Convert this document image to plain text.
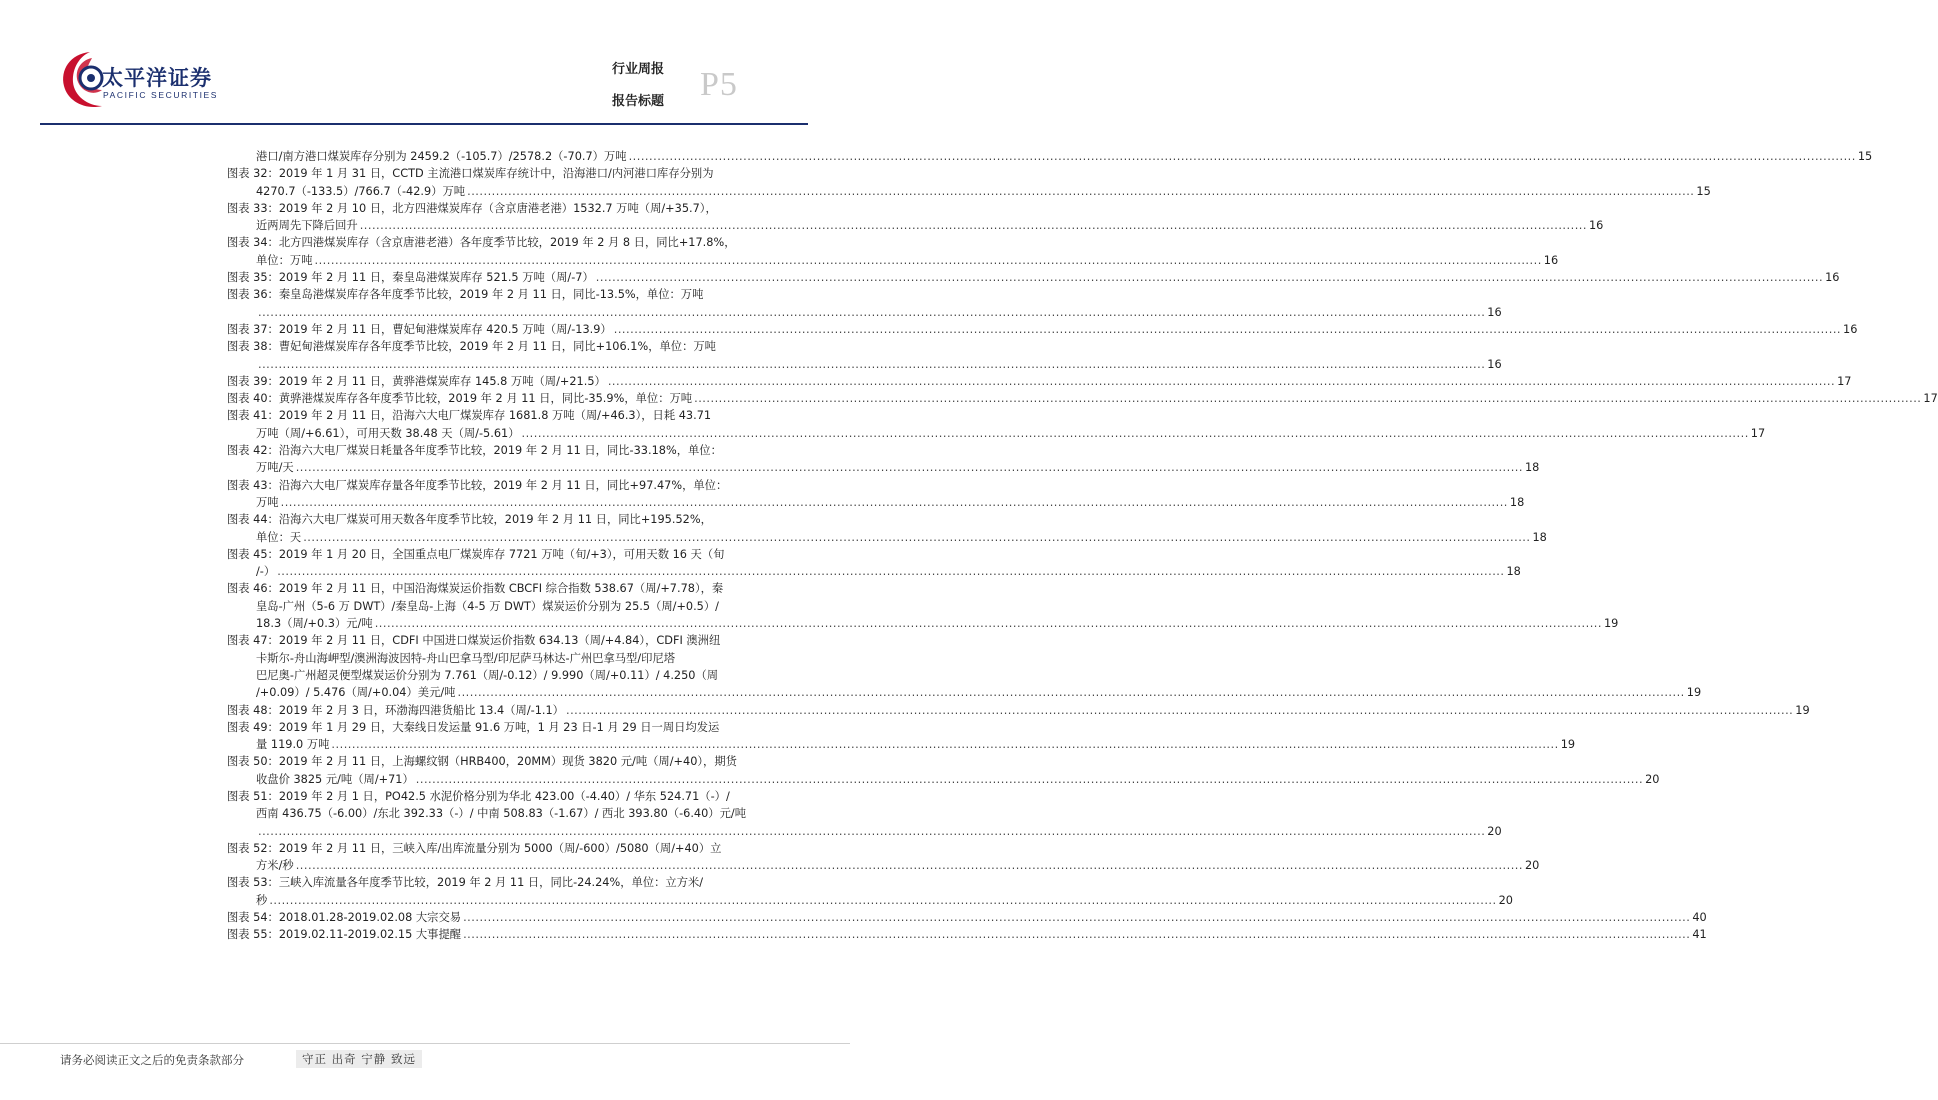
太平洋证券
PACIFIC SECURITIES
行业周报
报告标题 P5
港口/南方港口煤炭库存分别为 2459.2（-105.7）/2578.2（-70.7）万吨 ............................................................................................................................................................................................................................................................................................................ 15
图表 32：2019 年 1 月 31 日，CCTD 主流港口煤炭库存统计中，沿海港口/内河港口库存分别为
4270.7（-133.5）/766.7（-42.9）万吨 ............................................................................................................................................................................................................................................................................................................ 15
图表 33：2019 年 2 月 10 日，北方四港煤炭库存（含京唐港老港）1532.7 万吨（周/+35.7），
近两周先下降后回升 ............................................................................................................................................................................................................................................................................................................ 16
图表 34：北方四港煤炭库存（含京唐港老港）各年度季节比较，2019 年 2 月 8 日，同比+17.8%，
单位：万吨 ............................................................................................................................................................................................................................................................................................................ 16
图表 35：2019 年 2 月 11 日，秦皇岛港煤炭库存 521.5 万吨（周/-7） ............................................................................................................................................................................................................................................................................................................ 16
图表 36：秦皇岛港煤炭库存各年度季节比较，2019 年 2 月 11 日，同比-13.5%，单位：万吨
............................................................................................................................................................................................................................................................................................................ 16
图表 37：2019 年 2 月 11 日，曹妃甸港煤炭库存 420.5 万吨（周/-13.9） ............................................................................................................................................................................................................................................................................................................ 16
图表 38：曹妃甸港煤炭库存各年度季节比较，2019 年 2 月 11 日，同比+106.1%，单位：万吨
............................................................................................................................................................................................................................................................................................................ 16
图表 39：2019 年 2 月 11 日，黄骅港煤炭库存 145.8 万吨（周/+21.5） ............................................................................................................................................................................................................................................................................................................ 17
图表 40：黄骅港煤炭库存各年度季节比较，2019 年 2 月 11 日，同比-35.9%，单位：万吨 ............................................................................................................................................................................................................................................................................................................ 17
图表 41：2019 年 2 月 11 日，沿海六大电厂煤炭库存 1681.8 万吨（周/+46.3），日耗 43.71
万吨（周/+6.61），可用天数 38.48 天（周/-5.61） ............................................................................................................................................................................................................................................................................................................ 17
图表 42：沿海六大电厂煤炭日耗量各年度季节比较，2019 年 2 月 11 日，同比-33.18%，单位：
万吨/天 ............................................................................................................................................................................................................................................................................................................ 18
图表 43：沿海六大电厂煤炭库存量各年度季节比较，2019 年 2 月 11 日，同比+97.47%，单位：
万吨 ............................................................................................................................................................................................................................................................................................................ 18
图表 44：沿海六大电厂煤炭可用天数各年度季节比较，2019 年 2 月 11 日，同比+195.52%，
单位：天 ............................................................................................................................................................................................................................................................................................................ 18
图表 45：2019 年 1 月 20 日，全国重点电厂煤炭库存 7721 万吨（旬/+3），可用天数 16 天（旬
/-） ............................................................................................................................................................................................................................................................................................................ 18
图表 46：2019 年 2 月 11 日，中国沿海煤炭运价指数 CBCFI 综合指数 538.67（周/+7.78），秦
皇岛-广州（5-6 万 DWT）/秦皇岛-上海（4-5 万 DWT）煤炭运价分别为 25.5（周/+0.5）/
18.3（周/+0.3）元/吨 ............................................................................................................................................................................................................................................................................................................ 19
图表 47：2019 年 2 月 11 日，CDFI 中国进口煤炭运价指数 634.13（周/+4.84），CDFI 澳洲纽
卡斯尔-舟山海岬型/澳洲海波因特-舟山巴拿马型/印尼萨马林达-广州巴拿马型/印尼塔
巴尼奥-广州超灵便型煤炭运价分别为 7.761（周/-0.12）/ 9.990（周/+0.11）/ 4.250（周
/+0.09）/ 5.476（周/+0.04）美元/吨 ............................................................................................................................................................................................................................................................................................................ 19
图表 48：2019 年 2 月 3 日，环渤海四港货船比 13.4（周/-1.1） ............................................................................................................................................................................................................................................................................................................ 19
图表 49：2019 年 1 月 29 日，大秦线日发运量 91.6 万吨，1 月 23 日-1 月 29 日一周日均发运
量 119.0 万吨 ............................................................................................................................................................................................................................................................................................................ 19
图表 50：2019 年 2 月 11 日，上海螺纹钢（HRB400，20MM）现货 3820 元/吨（周/+40），期货
收盘价 3825 元/吨（周/+71） ............................................................................................................................................................................................................................................................................................................ 20
图表 51：2019 年 2 月 1 日，PO42.5 水泥价格分别为华北 423.00（-4.40）/ 华东 524.71（-）/
西南 436.75（-6.00）/东北 392.33（-）/ 中南 508.83（-1.67）/ 西北 393.80（-6.40）元/吨
............................................................................................................................................................................................................................................................................................................ 20
图表 52：2019 年 2 月 11 日，三峡入库/出库流量分别为 5000（周/-600）/5080（周/+40）立
方米/秒 ............................................................................................................................................................................................................................................................................................................ 20
图表 53：三峡入库流量各年度季节比较，2019 年 2 月 11 日，同比-24.24%，单位：立方米/
秒 ............................................................................................................................................................................................................................................................................................................ 20
图表 54：2018.01.28-2019.02.08 大宗交易 ............................................................................................................................................................................................................................................................................................................ 40
图表 55：2019.02.11-2019.02.15 大事提醒 ............................................................................................................................................................................................................................................................................................................ 41
请务必阅读正文之后的免责条款部分	守正 出奇 宁静 致远
